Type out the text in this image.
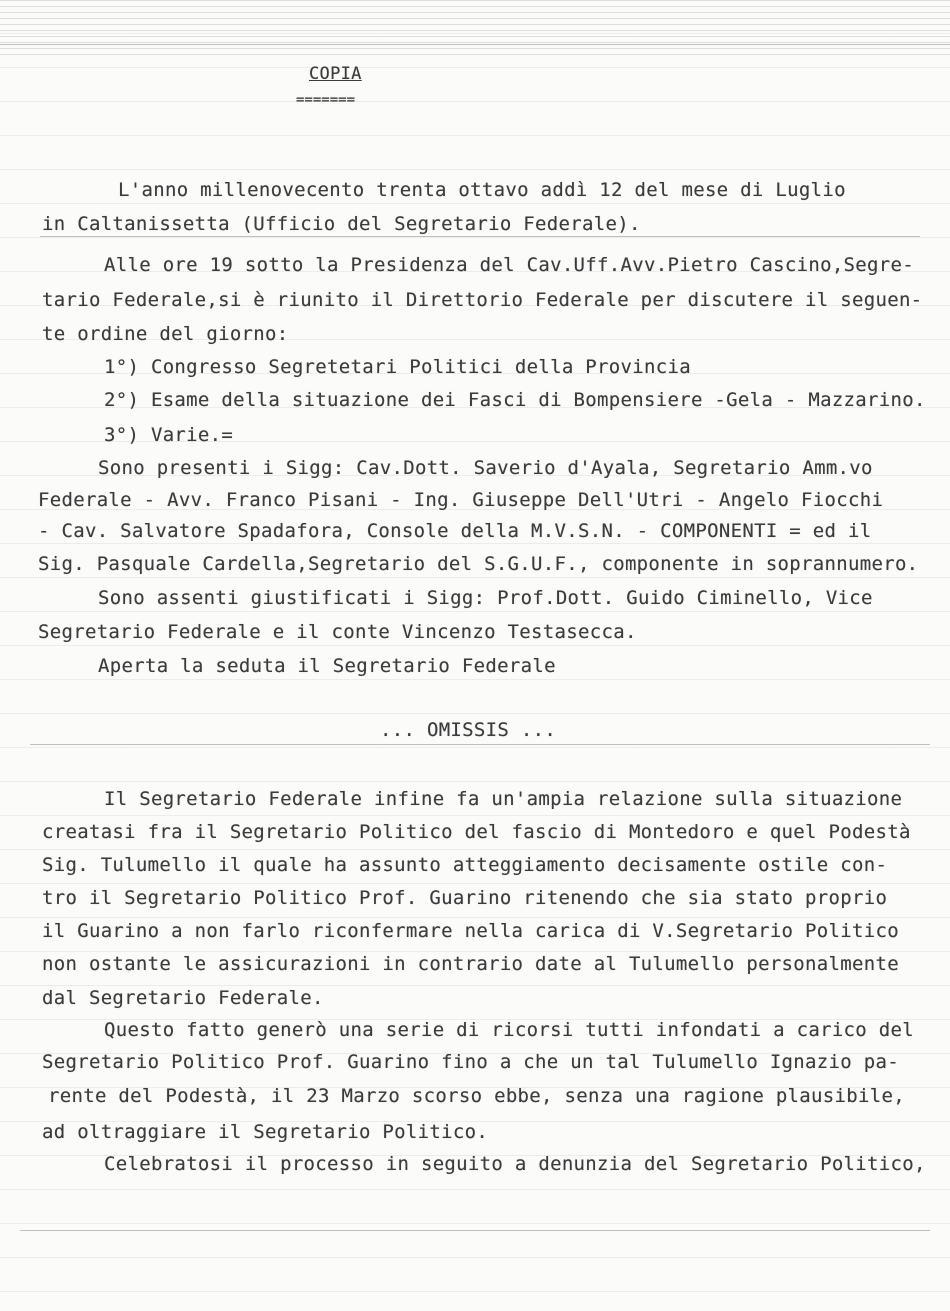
COPIA
=======
L'anno millenovecento trenta ottavo addì 12 del mese di Luglio
in Caltanissetta (Ufficio del Segretario Federale).
Alle ore 19 sotto la Presidenza del Cav.Uff.Avv.Pietro Cascino,Segre-
tario Federale,si è riunito il Direttorio Federale per discutere il seguen-
te ordine del giorno:
1°) Congresso Segretetari Politici della Provincia
2°) Esame della situazione dei Fasci di Bompensiere -Gela - Mazzarino.
3°) Varie.=
Sono presenti i Sigg: Cav.Dott. Saverio d'Ayala, Segretario Amm.vo
Federale - Avv. Franco Pisani - Ing. Giuseppe Dell'Utri - Angelo Fiocchi
- Cav. Salvatore Spadafora, Console della M.V.S.N. - COMPONENTI = ed il
Sig. Pasquale Cardella,Segretario del S.G.U.F., componente in soprannumero.
Sono assenti giustificati i Sigg: Prof.Dott. Guido Ciminello, Vice
Segretario Federale e il conte Vincenzo Testasecca.
Aperta la seduta il Segretario Federale
... OMISSIS ...
Il Segretario Federale infine fa un'ampia relazione sulla situazione
creatasi fra il Segretario Politico del fascio di Montedoro e quel Podestà
Sig. Tulumello il quale ha assunto atteggiamento decisamente ostile con-
tro il Segretario Politico Prof. Guarino ritenendo che sia stato proprio
il Guarino a non farlo riconfermare nella carica di V.Segretario Politico
non ostante le assicurazioni in contrario date al Tulumello personalmente
dal Segretario Federale.
Questo fatto generò una serie di ricorsi tutti infondati a carico del
Segretario Politico Prof. Guarino fino a che un tal Tulumello Ignazio pa-
rente del Podestà, il 23 Marzo scorso ebbe, senza una ragione plausibile,
ad oltraggiare il Segretario Politico.
Celebratosi il processo in seguito a denunzia del Segretario Politico,
